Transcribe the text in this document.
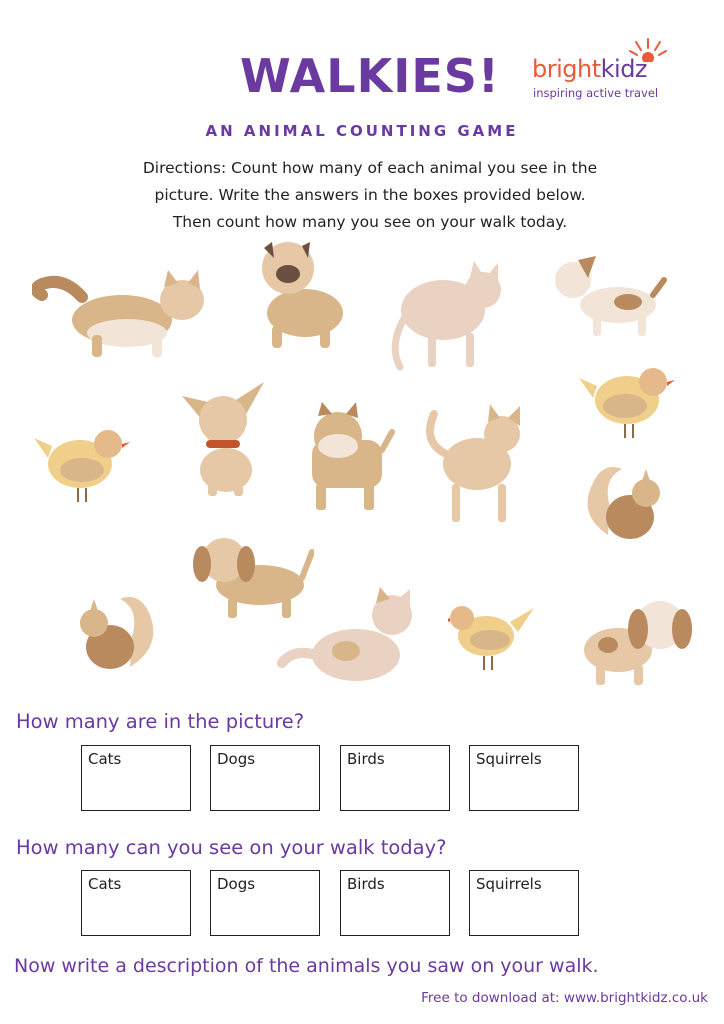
WALKIES! brightkidz
inspiring active travel
AN ANIMAL COUNTING GAME
Directions: Count how many of each animal you see in the
picture. Write the answers in the boxes provided below.
Then count how many you see on your walk today.
How many are in the picture?
Cats	Dogs	Birds	Squirrels
How many can you see on your walk today?
Cats	Dogs	Birds	Squirrels
Now write a description of the animals you saw on your walk.
Free to download at: www.brightkidz.co.uk
